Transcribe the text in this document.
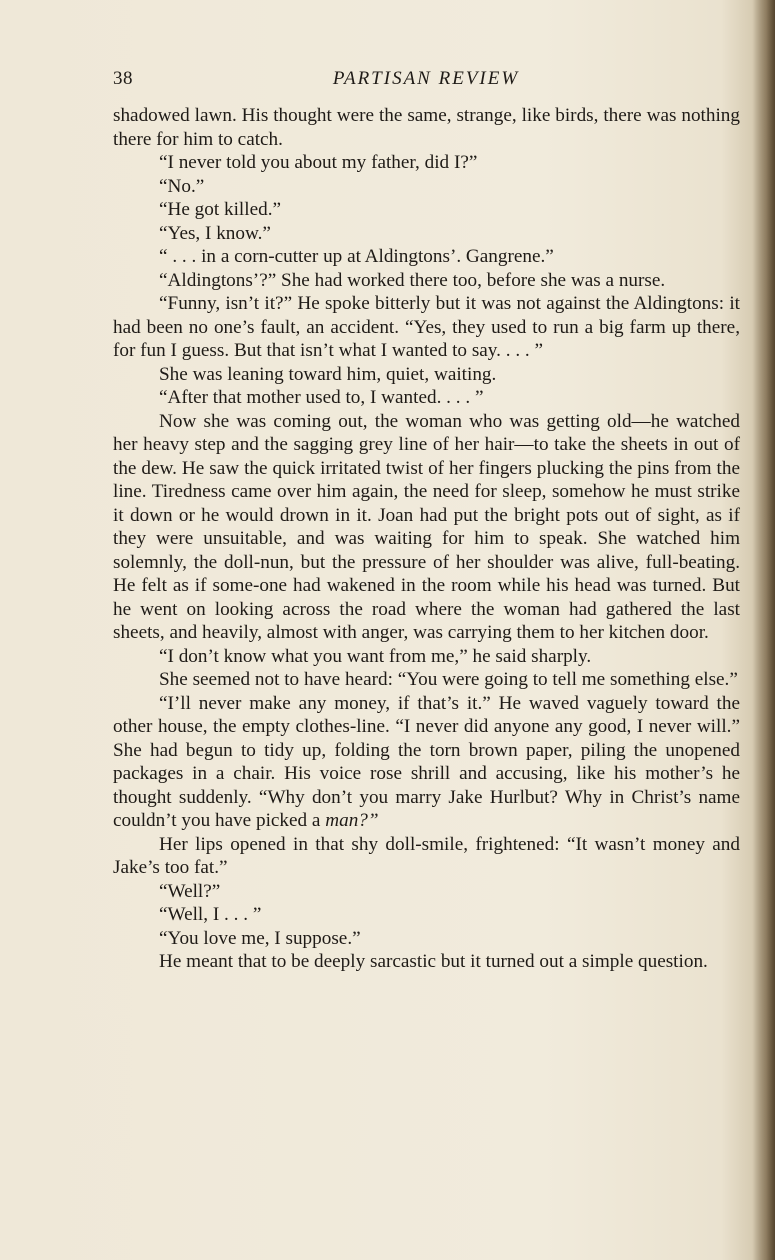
38	PARTISAN REVIEW

shadowed lawn. His thought were the same, strange, like birds, there was nothing there for him to catch.

“I never told you about my father, did I?”

“No.”

“He got killed.”

“Yes, I know.”

“ . . . in a corn-cutter up at Aldingtons’. Gangrene.”

“Aldingtons’?” She had worked there too, before she was a nurse.

“Funny, isn’t it?” He spoke bitterly but it was not against the Aldingtons: it had been no one’s fault, an accident. “Yes, they used to run a big farm up there, for fun I guess. But that isn’t what I wanted to say. . . . ”

She was leaning toward him, quiet, waiting.

“After that mother used to, I wanted. . . . ”

Now she was coming out, the woman who was getting old—he watched her heavy step and the sagging grey line of her hair—to take the sheets in out of the dew. He saw the quick irritated twist of her fingers plucking the pins from the line. Tiredness came over him again, the need for sleep, somehow he must strike it down or he would drown in it. Joan had put the bright pots out of sight, as if they were unsuitable, and was waiting for him to speak. She watched him solemnly, the doll-nun, but the pressure of her shoulder was alive, full-beating. He felt as if some-one had wakened in the room while his head was turned. But he went on looking across the road where the woman had gathered the last sheets, and heavily, almost with anger, was carrying them to her kitchen door.

“I don’t know what you want from me,” he said sharply.

She seemed not to have heard: “You were going to tell me something else.”

“I’ll never make any money, if that’s it.” He waved vaguely toward the other house, the empty clothes-line. “I never did anyone any good, I never will.” She had begun to tidy up, folding the torn brown paper, piling the unopened packages in a chair. His voice rose shrill and accusing, like his mother’s he thought suddenly. “Why don’t you marry Jake Hurlbut? Why in Christ’s name couldn’t you have picked a man?”

Her lips opened in that shy doll-smile, frightened: “It wasn’t money and Jake’s too fat.”

“Well?”

“Well, I . . . ”

“You love me, I suppose.”

He meant that to be deeply sarcastic but it turned out a simple question.
